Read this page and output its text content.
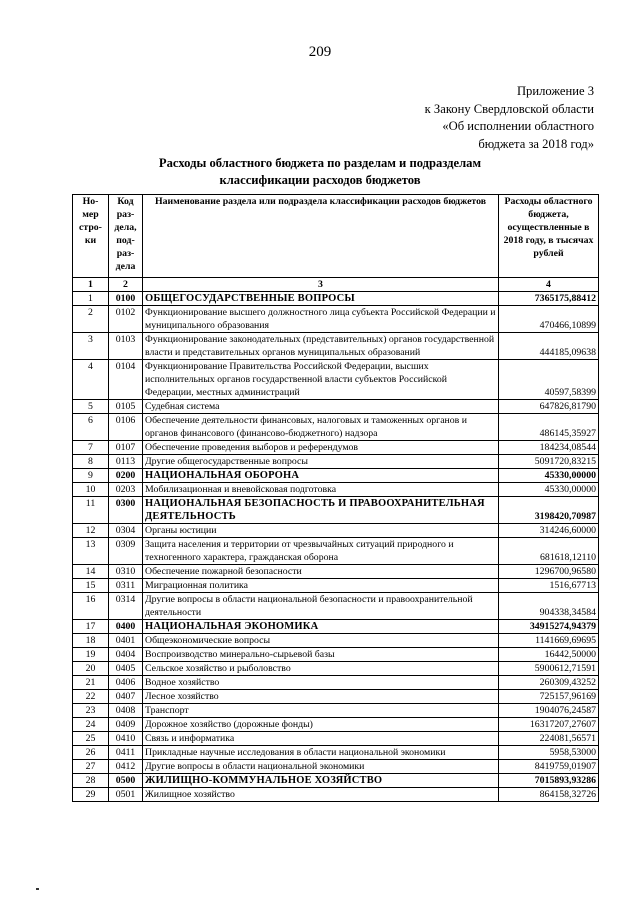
209
Приложение 3
к Закону Свердловской области
«Об исполнении областного
бюджета за 2018 год»
Расходы областного бюджета по разделам и подразделам
классификации расходов бюджетов
Но-мер стро-ки	Код раз-дела, под-раз-дела	Наименование раздела или подраздела классификации расходов бюджетов	Расходы областного бюджета, осуществленные в 2018 году, в тысячах рублей
1	2	3	4
1	0100	ОБЩЕГОСУДАРСТВЕННЫЕ ВОПРОСЫ	7365175,88412
2	0102	Функционирование высшего должностного лица субъекта Российской Федерации и муниципального образования	470466,10899
3	0103	Функционирование законодательных (представительных) органов государственной власти и представительных органов муниципальных образований	444185,09638
4	0104	Функционирование Правительства Российской Федерации, высших исполнительных органов государственной власти субъектов Российской Федерации, местных администраций	40597,58399
5	0105	Судебная система	647826,81790
6	0106	Обеспечение деятельности финансовых, налоговых и таможенных органов и органов финансового (финансово-бюджетного) надзора	486145,35927
7	0107	Обеспечение проведения выборов и референдумов	184234,08544
8	0113	Другие общегосударственные вопросы	5091720,83215
9	0200	НАЦИОНАЛЬНАЯ ОБОРОНА	45330,00000
10	0203	Мобилизационная и вневойсковая подготовка	45330,00000
11	0300	НАЦИОНАЛЬНАЯ БЕЗОПАСНОСТЬ И ПРАВООХРАНИТЕЛЬНАЯ ДЕЯТЕЛЬНОСТЬ	3198420,70987
12	0304	Органы юстиции	314246,60000
13	0309	Защита населения и территории от чрезвычайных ситуаций природного и техногенного характера, гражданская оборона	681618,12110
14	0310	Обеспечение пожарной безопасности	1296700,96580
15	0311	Миграционная политика	1516,67713
16	0314	Другие вопросы в области национальной безопасности и правоохранительной деятельности	904338,34584
17	0400	НАЦИОНАЛЬНАЯ ЭКОНОМИКА	34915274,94379
18	0401	Общеэкономические вопросы	1141669,69695
19	0404	Воспроизводство минерально-сырьевой базы	16442,50000
20	0405	Сельское хозяйство и рыболовство	5900612,71591
21	0406	Водное хозяйство	260309,43252
22	0407	Лесное хозяйство	725157,96169
23	0408	Транспорт	1904076,24587
24	0409	Дорожное хозяйство (дорожные фонды)	16317207,27607
25	0410	Связь и информатика	224081,56571
26	0411	Прикладные научные исследования в области национальной экономики	5958,53000
27	0412	Другие вопросы в области национальной экономики	8419759,01907
28	0500	ЖИЛИЩНО-КОММУНАЛЬНОЕ ХОЗЯЙСТВО	7015893,93286
29	0501	Жилищное хозяйство	864158,32726
